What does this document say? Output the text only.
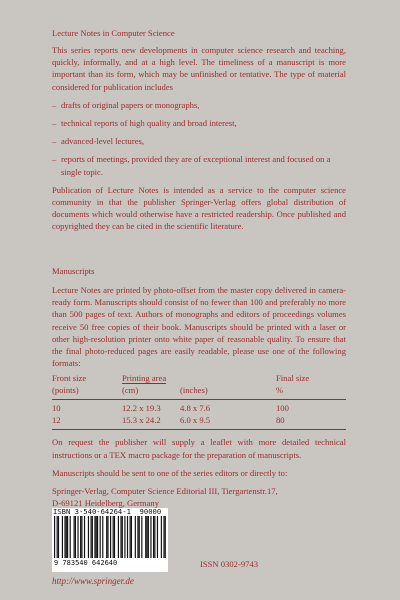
Lecture Notes in Computer Science

This series reports new developments in computer science research and teaching, quickly, informally, and at a high level. The timeliness of a manuscript is more important than its form, which may be unfinished or tentative. The type of material considered for publication includes

– drafts of original papers or monographs,

– technical reports of high quality and broad interest,

– advanced-level lectures,

– reports of meetings, provided they are of exceptional interest and focused on a single topic.

Publication of Lecture Notes is intended as a service to the computer science community in that the publisher Springer-Verlag offers global distribution of documents which would otherwise have a restricted readership. Once published and copyrighted they can be cited in the scientific literature.

Manuscripts

Lecture Notes are printed by photo-offset from the master copy delivered in camera-ready form. Manuscripts should consist of no fewer than 100 and preferably no more than 500 pages of text. Authors of monographs and editors of proceedings volumes receive 50 free copies of their book. Manuscripts should be printed with a laser or other high-resolution printer onto white paper of reasonable quality. To ensure that the final photo-reduced pages are easily readable, please use one of the following formats:

Front size	Printing area		Final size
(points)	(cm)	(inches)	%

10	12.2 x 19.3	4.8 x 7.6	100
12	15.3 x 24.2	6.0 x 9.5	80

On request the publisher will supply a leaflet with more detailed technical instructions or a TEX macro package for the preparation of manuscripts.

Manuscripts should be sent to one of the series editors or directly to:

Springer-Verlag, Computer Science Editorial III, Tiergartenstr.17,

D-69121 Heidelberg, Germany

ISBN 3-540-64264-1 90000
9 783540 642640	ISSN 0302-9743
http://www.springer.de
